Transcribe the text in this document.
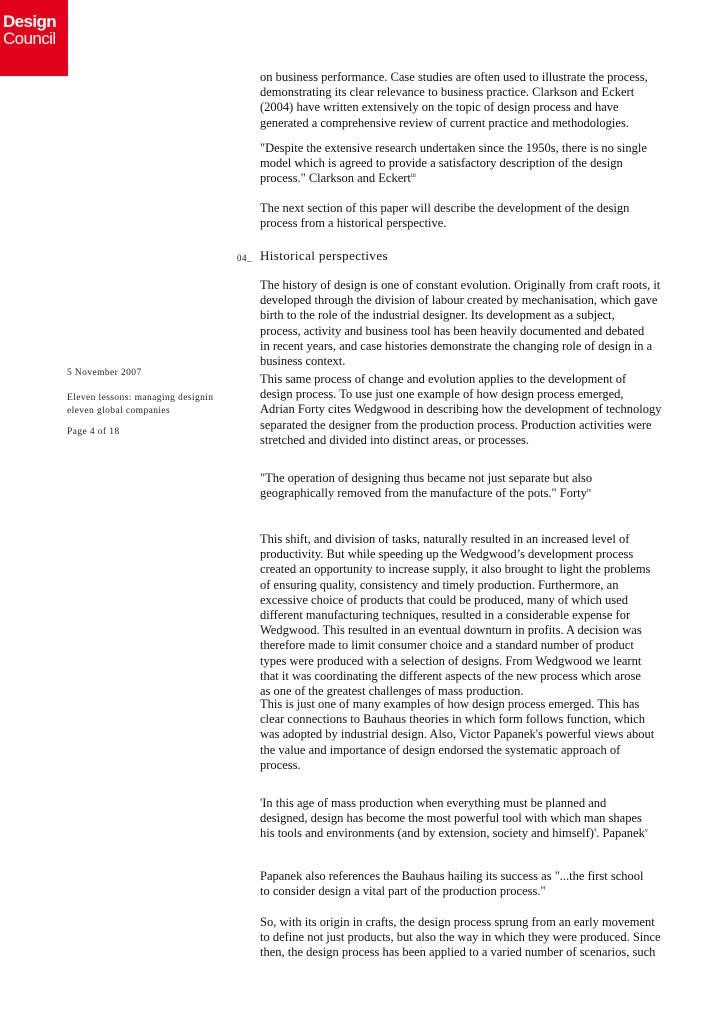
Design
Council
5 November 2007
Eleven lessons: managing designin
eleven global companies
Page 4 of 18
04_ Historical perspectives
on business performance. Case studies are often used to illustrate the process,
demonstrating its clear relevance to business practice. Clarkson and Eckert
(2004) have written extensively on the topic of design process and have
generated a comprehensive review of current practice and methodologies.
"Despite the extensive research undertaken since the 1950s, there is no single
model which is agreed to provide a satisfactory description of the design
process." Clarkson and Eckert$^{iii}$
The next section of this paper will describe the development of the design
process from a historical perspective.
The history of design is one of constant evolution. Originally from craft roots, it
developed through the division of labour created by mechanisation, which gave
birth to the role of the industrial designer. Its development as a subject,
process, activity and business tool has been heavily documented and debated
in recent years, and case histories demonstrate the changing role of design in a
business context.
This same process of change and evolution applies to the development of
design process. To use just one example of how design process emerged,
Adrian Forty cites Wedgwood in describing how the development of technology
separated the designer from the production process. Production activities were
stretched and divided into distinct areas, or processes.
"The operation of designing thus became not just separate but also
geographically removed from the manufacture of the pots." Forty$^{iv}$
This shift, and division of tasks, naturally resulted in an increased level of
productivity. But while speeding up the Wedgwood’s development process
created an opportunity to increase supply, it also brought to light the problems
of ensuring quality, consistency and timely production. Furthermore, an
excessive choice of products that could be produced, many of which used
different manufacturing techniques, resulted in a considerable expense for
Wedgwood. This resulted in an eventual downturn in profits. A decision was
therefore made to limit consumer choice and a standard number of product
types were produced with a selection of designs. From Wedgwood we learnt
that it was coordinating the different aspects of the new process which arose
as one of the greatest challenges of mass production.
This is just one of many examples of how design process emerged. This has
clear connections to Bauhaus theories in which form follows function, which
was adopted by industrial design. Also, Victor Papanek's powerful views about
the value and importance of design endorsed the systematic approach of
process.
'In this age of mass production when everything must be planned and
designed, design has become the most powerful tool with which man shapes
his tools and environments (and by extension, society and himself)'. Papanek$^v$
Papanek also references the Bauhaus hailing its success as "...the first school
to consider design a vital part of the production process."
So, with its origin in crafts, the design process sprung from an early movement
to define not just products, but also the way in which they were produced. Since
then, the design process has been applied to a varied number of scenarios, such
